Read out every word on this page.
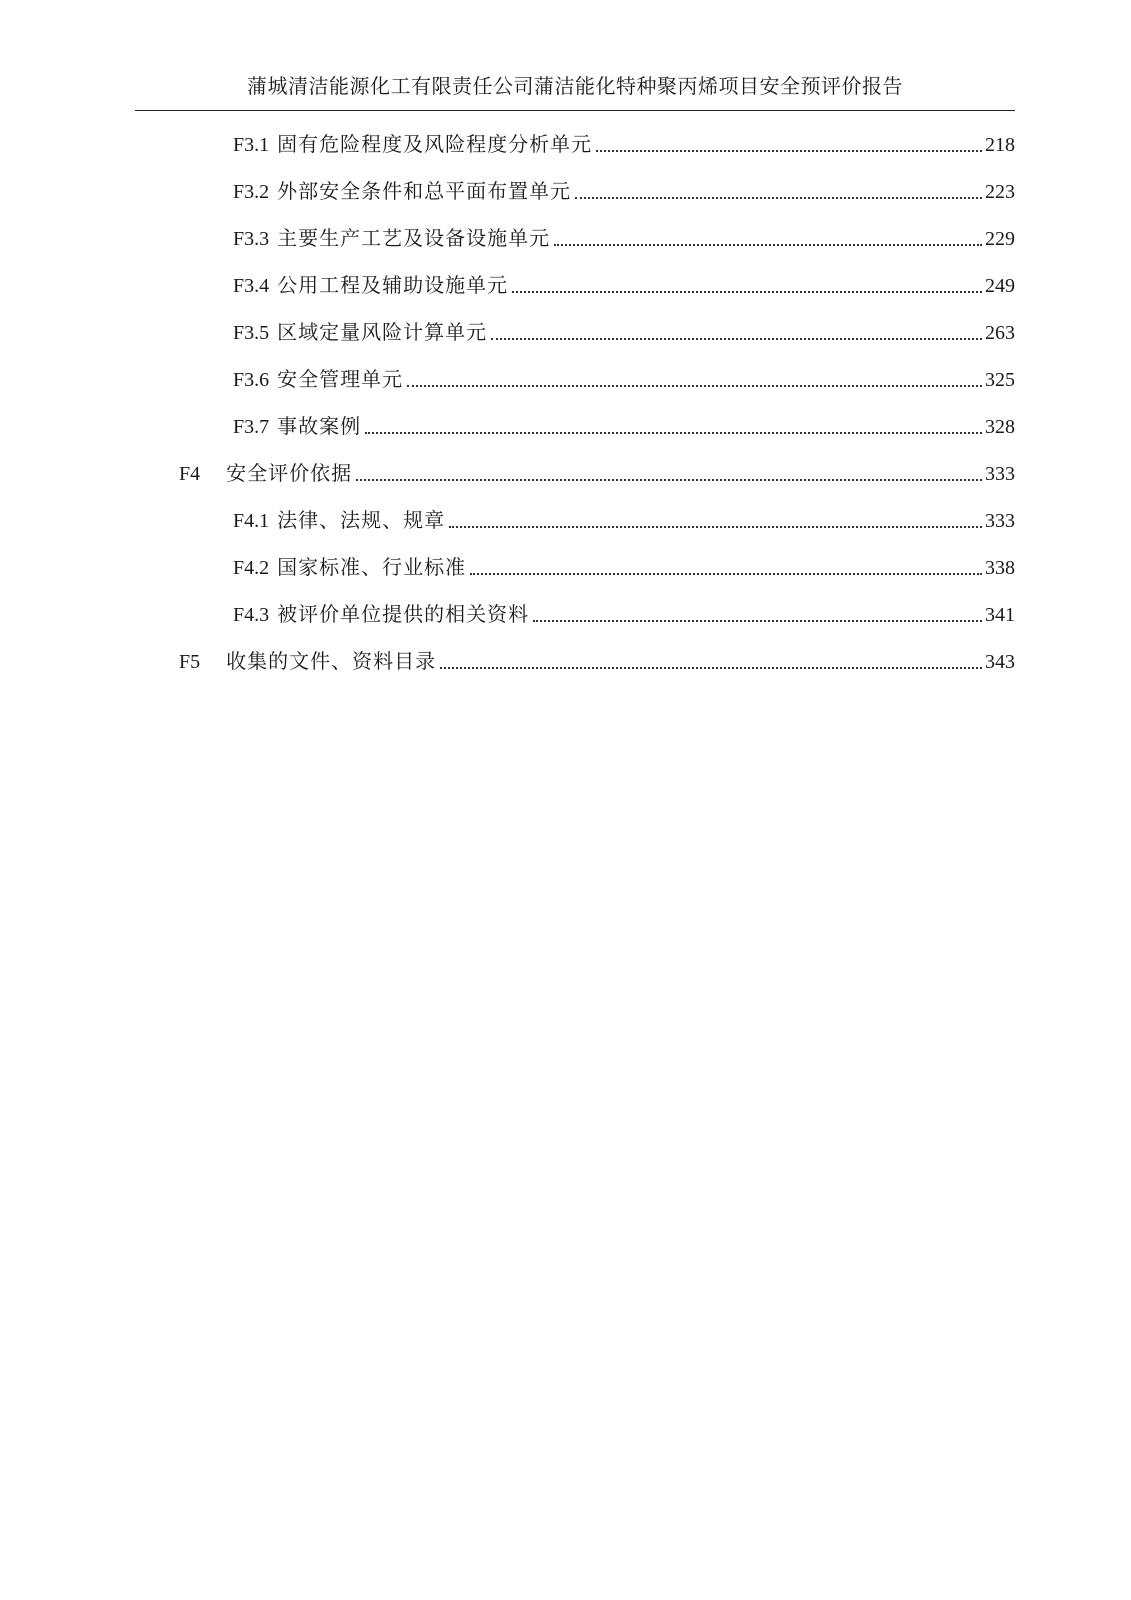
蒲城清洁能源化工有限责任公司蒲洁能化特种聚丙烯项目安全预评价报告
F3.1 固有危险程度及风险程度分析单元	218
F3.2 外部安全条件和总平面布置单元	223
F3.3 主要生产工艺及设备设施单元	229
F3.4 公用工程及辅助设施单元	249
F3.5 区域定量风险计算单元	263
F3.6 安全管理单元	325
F3.7 事故案例	328
F4 安全评价依据	333
F4.1 法律、法规、规章	333
F4.2 国家标准、行业标准	338
F4.3 被评价单位提供的相关资料	341
F5 收集的文件、资料目录	343
